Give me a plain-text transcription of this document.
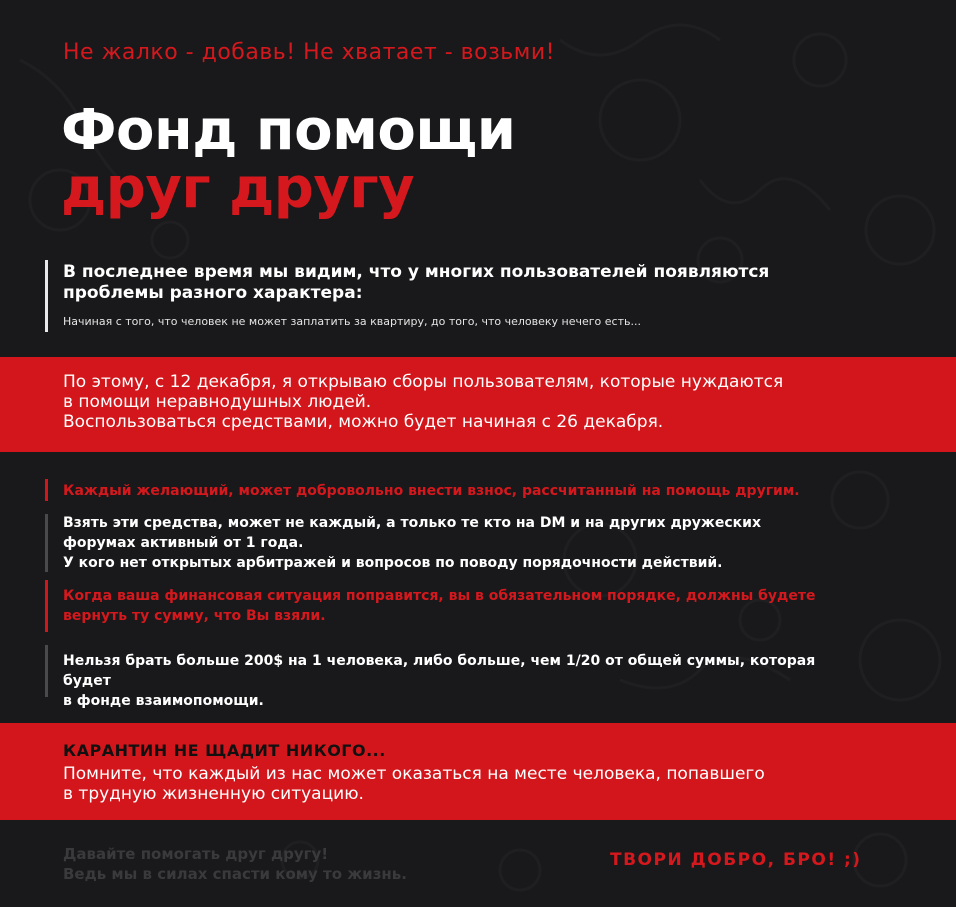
Не жалко - добавь! Не хватает - возьми!
Фонд помощи
друг другу
В последнее время мы видим, что у многих пользователей появляются проблемы разного характера:
Начиная с того, что человек не может заплатить за квартиру, до того, что человеку нечего есть...
По этому, с 12 декабря, я открываю сборы пользователям, которые нуждаются
в помощи неравнодушных людей.
Воспользоваться средствами, можно будет начиная с 26 декабря.
Каждый желающий, может добровольно внести взнос, рассчитанный на помощь другим.
Взять эти средства, может не каждый, а только те кто на DM и на других дружеских
форумах активный от 1 года.
У кого нет открытых арбитражей и вопросов по поводу порядочности действий.
Когда ваша финансовая ситуация поправится, вы в обязательном порядке, должны будете
вернуть ту сумму, что Вы взяли.
Нельзя брать больше 200$ на 1 человека, либо больше, чем 1/20 от общей суммы, которая будет
в фонде взаимопомощи.
КАРАНТИН НЕ ЩАДИТ НИКОГО...
Помните, что каждый из нас может оказаться на месте человека, попавшего
в трудную жизненную ситуацию.
Давайте помогать друг другу!
Ведь мы в силах спасти кому то жизнь.
ТВОРИ ДОБРО, БРО! ;)
